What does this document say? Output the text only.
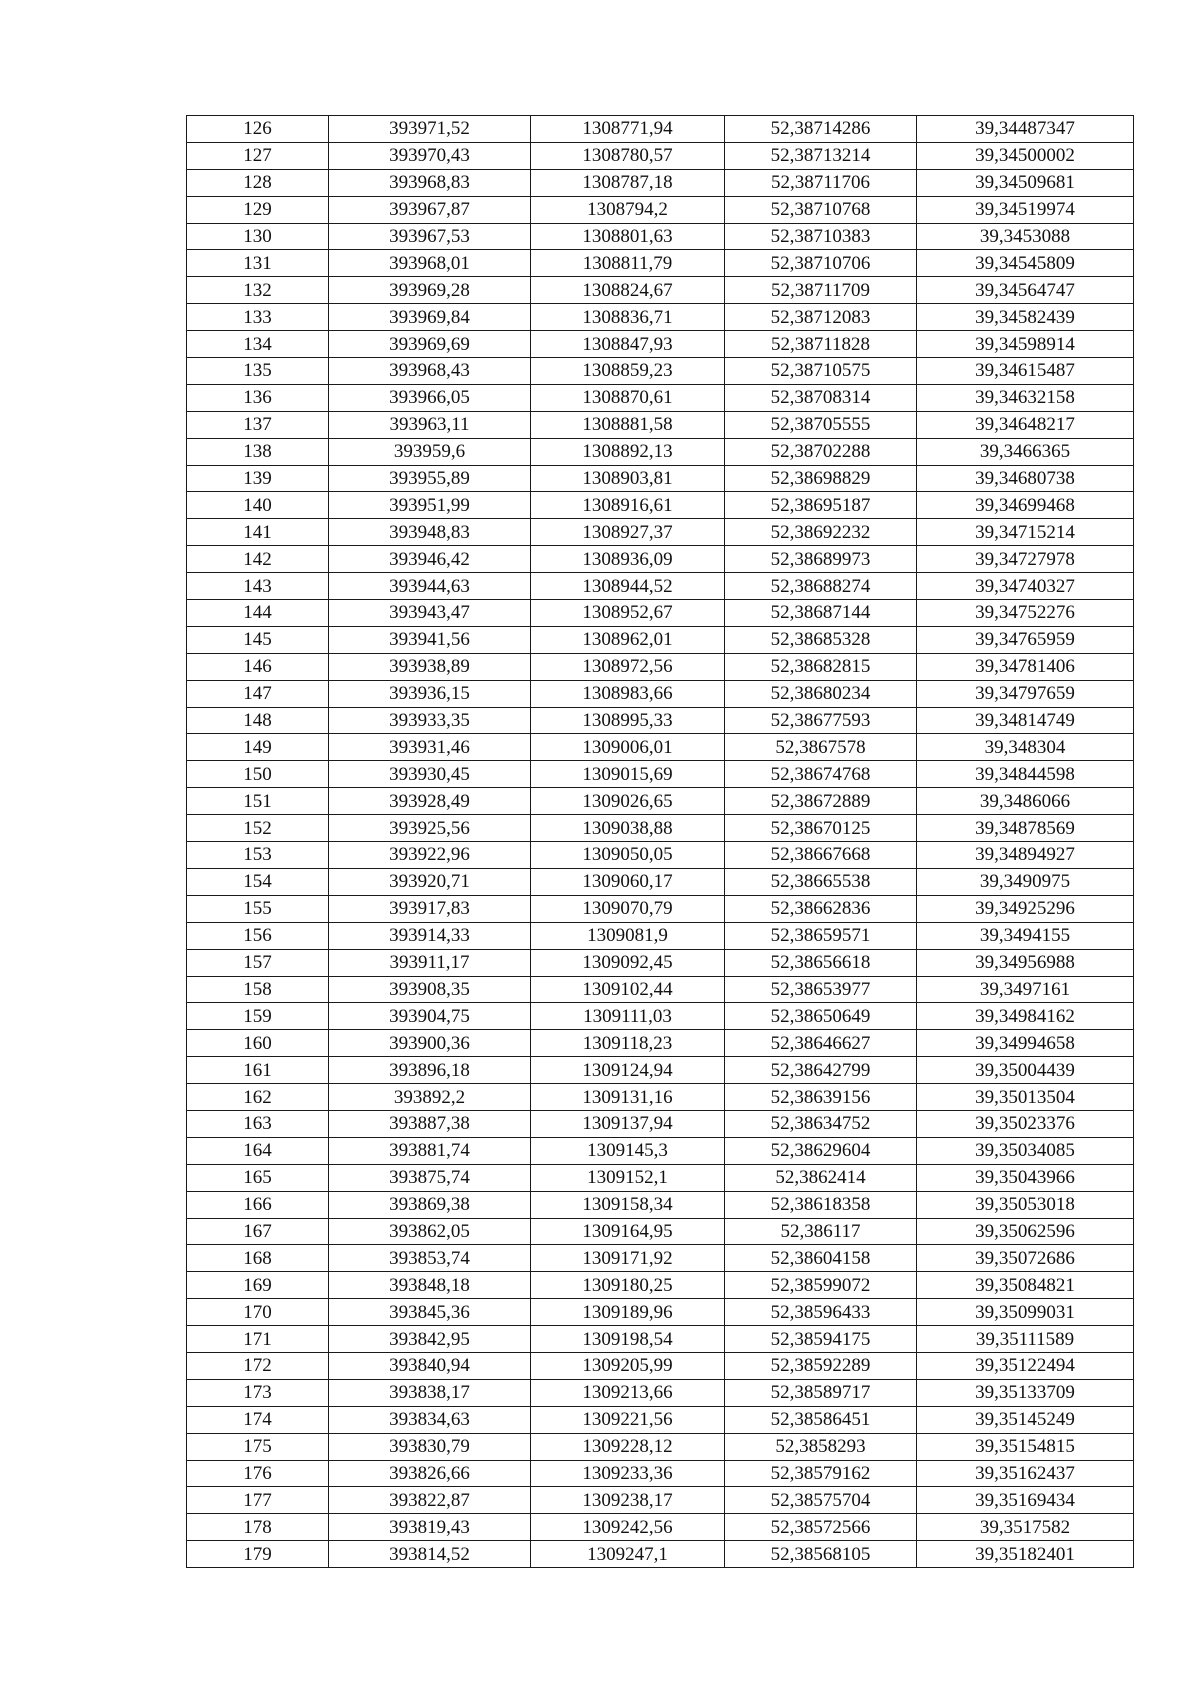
126	393971,52	1308771,94	52,38714286	39,34487347
127	393970,43	1308780,57	52,38713214	39,34500002
128	393968,83	1308787,18	52,38711706	39,34509681
129	393967,87	1308794,2	52,38710768	39,34519974
130	393967,53	1308801,63	52,38710383	39,3453088
131	393968,01	1308811,79	52,38710706	39,34545809
132	393969,28	1308824,67	52,38711709	39,34564747
133	393969,84	1308836,71	52,38712083	39,34582439
134	393969,69	1308847,93	52,38711828	39,34598914
135	393968,43	1308859,23	52,38710575	39,34615487
136	393966,05	1308870,61	52,38708314	39,34632158
137	393963,11	1308881,58	52,38705555	39,34648217
138	393959,6	1308892,13	52,38702288	39,3466365
139	393955,89	1308903,81	52,38698829	39,34680738
140	393951,99	1308916,61	52,38695187	39,34699468
141	393948,83	1308927,37	52,38692232	39,34715214
142	393946,42	1308936,09	52,38689973	39,34727978
143	393944,63	1308944,52	52,38688274	39,34740327
144	393943,47	1308952,67	52,38687144	39,34752276
145	393941,56	1308962,01	52,38685328	39,34765959
146	393938,89	1308972,56	52,38682815	39,34781406
147	393936,15	1308983,66	52,38680234	39,34797659
148	393933,35	1308995,33	52,38677593	39,34814749
149	393931,46	1309006,01	52,3867578	39,348304
150	393930,45	1309015,69	52,38674768	39,34844598
151	393928,49	1309026,65	52,38672889	39,3486066
152	393925,56	1309038,88	52,38670125	39,34878569
153	393922,96	1309050,05	52,38667668	39,34894927
154	393920,71	1309060,17	52,38665538	39,3490975
155	393917,83	1309070,79	52,38662836	39,34925296
156	393914,33	1309081,9	52,38659571	39,3494155
157	393911,17	1309092,45	52,38656618	39,34956988
158	393908,35	1309102,44	52,38653977	39,3497161
159	393904,75	1309111,03	52,38650649	39,34984162
160	393900,36	1309118,23	52,38646627	39,34994658
161	393896,18	1309124,94	52,38642799	39,35004439
162	393892,2	1309131,16	52,38639156	39,35013504
163	393887,38	1309137,94	52,38634752	39,35023376
164	393881,74	1309145,3	52,38629604	39,35034085
165	393875,74	1309152,1	52,3862414	39,35043966
166	393869,38	1309158,34	52,38618358	39,35053018
167	393862,05	1309164,95	52,386117	39,35062596
168	393853,74	1309171,92	52,38604158	39,35072686
169	393848,18	1309180,25	52,38599072	39,35084821
170	393845,36	1309189,96	52,38596433	39,35099031
171	393842,95	1309198,54	52,38594175	39,35111589
172	393840,94	1309205,99	52,38592289	39,35122494
173	393838,17	1309213,66	52,38589717	39,35133709
174	393834,63	1309221,56	52,38586451	39,35145249
175	393830,79	1309228,12	52,3858293	39,35154815
176	393826,66	1309233,36	52,38579162	39,35162437
177	393822,87	1309238,17	52,38575704	39,35169434
178	393819,43	1309242,56	52,38572566	39,3517582
179	393814,52	1309247,1	52,38568105	39,35182401
